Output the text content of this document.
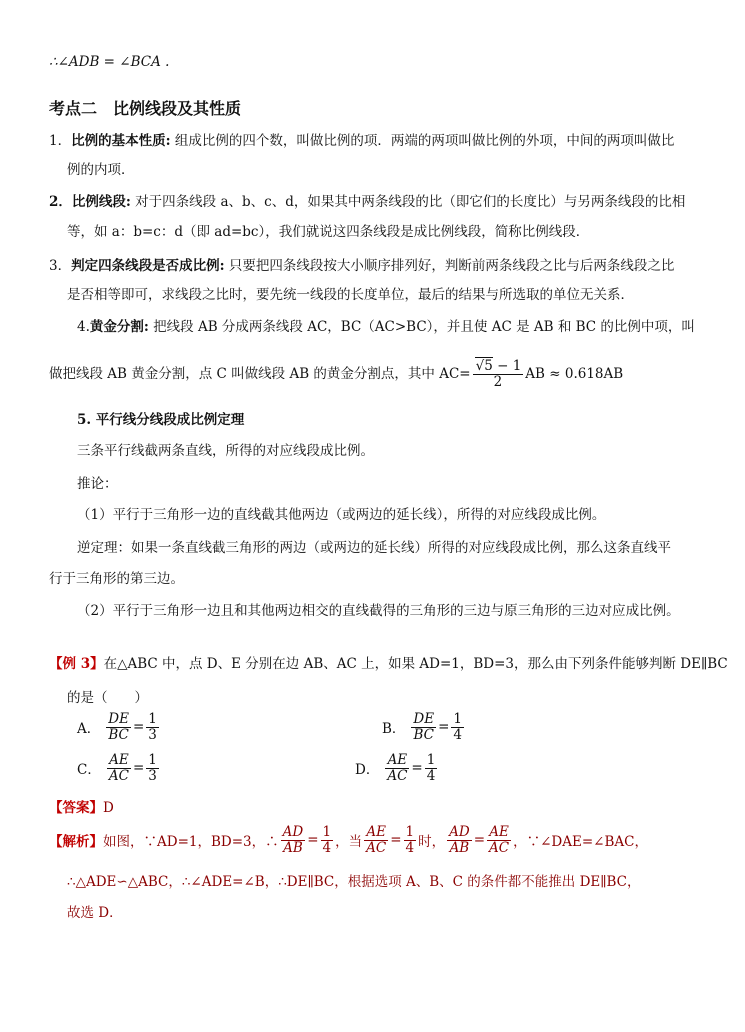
∴∠ADB = ∠BCA .
考点二　比例线段及其性质
1．比例的基本性质: 组成比例的四个数，叫做比例的项．两端的两项叫做比例的外项，中间的两项叫做比
例的内项．
2．比例线段: 对于四条线段 a、b、c、d，如果其中两条线段的比（即它们的长度比）与另两条线段的比相
等，如 a：b=c：d（即 ad=bc），我们就说这四条线段是成比例线段，简称比例线段．
3．判定四条线段是否成比例: 只要把四条线段按大小顺序排列好，判断前两条线段之比与后两条线段之比
是否相等即可，求线段之比时，要先统一线段的长度单位，最后的结果与所选取的单位无关系．
4.黄金分割: 把线段 AB 分成两条线段 AC，BC（AC>BC），并且使 AC 是 AB 和 BC 的比例中项，叫
做把线段 AB 黄金分割，点 C 叫做线段 AB 的黄金分割点，其中 $AC= \frac{√5 - 1}{2}$ AB ≈ 0.618AB
5. 平行线分线段成比例定理
三条平行线截两条直线，所得的对应线段成比例。
推论：
（1）平行于三角形一边的直线截其他两边（或两边的延长线），所得的对应线段成比例。
逆定理：如果一条直线截三角形的两边（或两边的延长线）所得的对应线段成比例，那么这条直线平
行于三角形的第三边。
（2）平行于三角形一边且和其他两边相交的直线截得的三角形的三边与原三角形的三边对应成比例。
【例 3】在△ABC 中，点 D、E 分别在边 AB、AC 上，如果 AD=1，BD=3，那么由下列条件能够判断 DE∥BC
的是（　　）
A． $\frac{DE}{BC} = \frac{1}{3}$	B． $\frac{DE}{BC} = \frac{1}{4}$
C． $\frac{AE}{AC} = \frac{1}{3}$	D． $\frac{AE}{AC} = \frac{1}{4}$
【答案】D
【解析】 如图，∵AD=1，BD=3，∴ $\frac{AD}{AB} = \frac{1}{4}$ ，当 $\frac{AE}{AC} = \frac{1}{4}$ 时， $\frac{AD}{AB} = \frac{AE}{AC}$ ，∵∠DAE=∠BAC，
∴△ADE∽△ABC，∴∠ADE=∠B，∴DE∥BC，根据选项 A、B、C 的条件都不能推出 DE∥BC，
故选 D．
